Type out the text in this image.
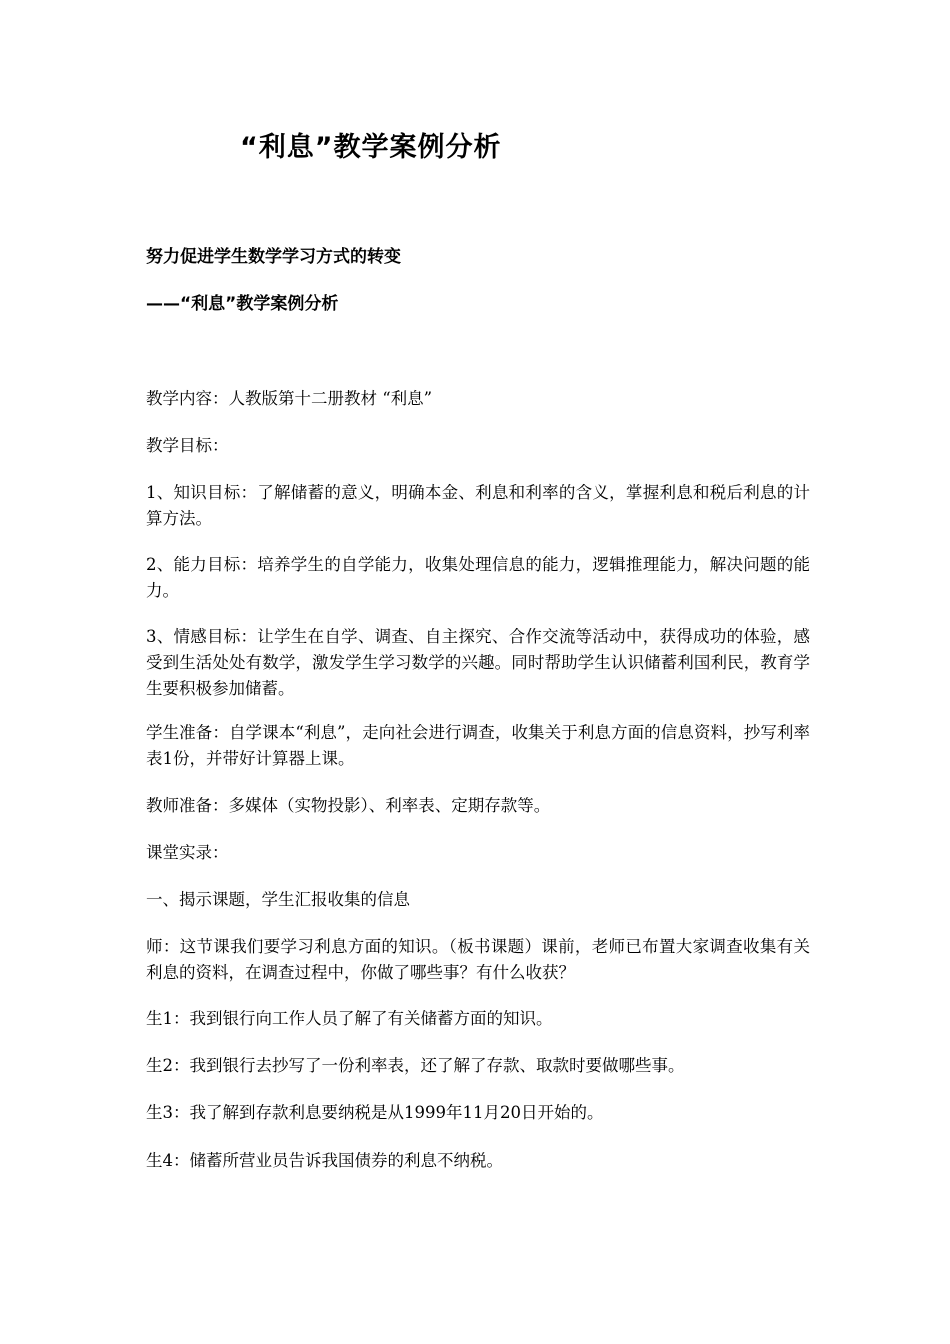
“利息”教学案例分析
努力促进学生数学学习方式的转变
——“利息”教学案例分析
教学内容：人教版第十二册教材 “利息”
教学目标：
1、知识目标：了解储蓄的意义，明确本金、利息和利率的含义，掌握利息和税后利息的计算方法。
2、能力目标：培养学生的自学能力，收集处理信息的能力，逻辑推理能力，解决问题的能力。
3、情感目标：让学生在自学、调查、自主探究、合作交流等活动中，获得成功的体验，感受到生活处处有数学，激发学生学习数学的兴趣。同时帮助学生认识储蓄利国利民，教育学生要积极参加储蓄。
学生准备：自学课本“利息”，走向社会进行调查，收集关于利息方面的信息资料，抄写利率表1份，并带好计算器上课。
教师准备：多媒体（实物投影）、利率表、定期存款等。
课堂实录：
一、揭示课题，学生汇报收集的信息
师：这节课我们要学习利息方面的知识。（板书课题）课前，老师已布置大家调查收集有关利息的资料，在调查过程中，你做了哪些事？有什么收获？
生1：我到银行向工作人员了解了有关储蓄方面的知识。
生2：我到银行去抄写了一份利率表，还了解了存款、取款时要做哪些事。
生3：我了解到存款利息要纳税是从1999年11月20日开始的。
生4：储蓄所营业员告诉我国债券的利息不纳税。
